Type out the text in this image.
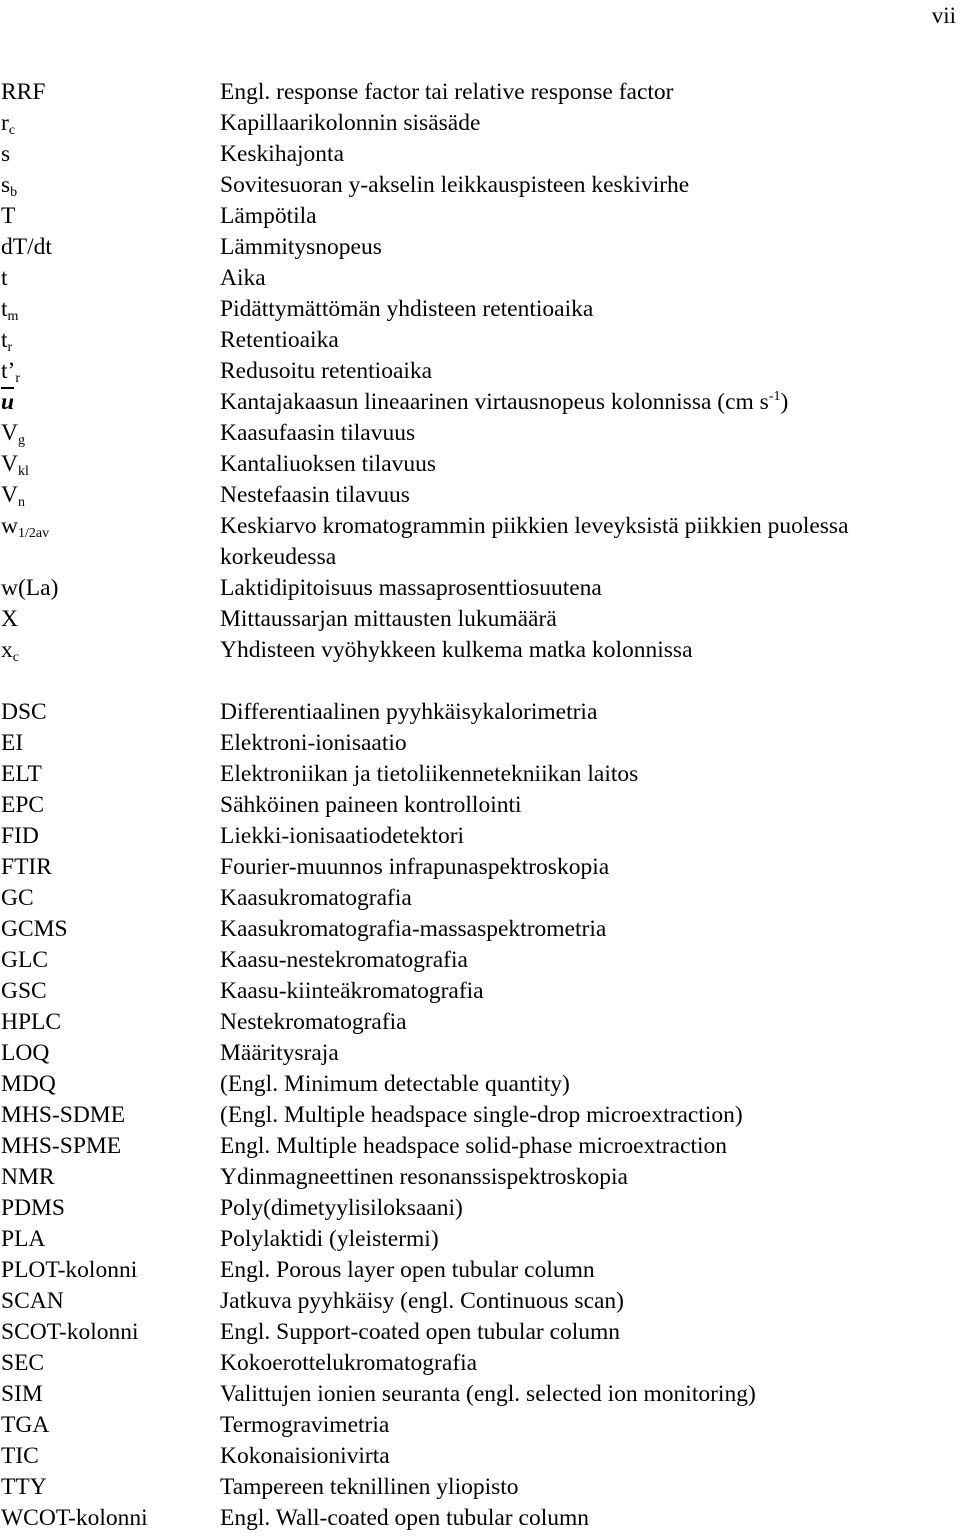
vii
RRF	Engl. response factor tai relative response factor
$r_c$	Kapillaarikolonnin sisäsäde
s	Keskihajonta
$s_b$	Sovitesuoran y-akselin leikkauspisteen keskivirhe
T	Lämpötila
dT/dt	Lämmitysnopeus
t	Aika
$t_m$	Pidättymättömän yhdisteen retentioaika
$t_r$	Retentioaika
$t’_r$	Redusoitu retentioaika
$\overline{u}$	Kantajakaasun lineaarinen virtausnopeus kolonnissa (cm $s^{-1}$)
$V_g$	Kaasufaasin tilavuus
$V_{kl}$	Kantaliuoksen tilavuus
$V_n$	Nestefaasin tilavuus
$w_{1/2av}$	Keskiarvo kromatogrammin piikkien leveyksistä piikkien puolessa korkeudessa
w(La)	Laktidipitoisuus massaprosenttiosuutena
X	Mittaussarjan mittausten lukumäärä
$x_c$	Yhdisteen vyöhykkeen kulkema matka kolonnissa
DSC	Differentiaalinen pyyhkäisykalorimetria
EI	Elektroni-ionisaatio
ELT	Elektroniikan ja tietoliikennetekniikan laitos
EPC	Sähköinen paineen kontrollointi
FID	Liekki-ionisaatiodetektori
FTIR	Fourier-muunnos infrapunaspektroskopia
GC	Kaasukromatografia
GCMS	Kaasukromatografia-massaspektrometria
GLC	Kaasu-nestekromatografia
GSC	Kaasu-kiinteäkromatografia
HPLC	Nestekromatografia
LOQ	Määritysraja
MDQ	(Engl. Minimum detectable quantity)
MHS-SDME	(Engl. Multiple headspace single-drop microextraction)
MHS-SPME	Engl. Multiple headspace solid-phase microextraction
NMR	Ydinmagneettinen resonanssispektroskopia
PDMS	Poly(dimetyylisiloksaani)
PLA	Polylaktidi (yleistermi)
PLOT-kolonni	Engl. Porous layer open tubular column
SCAN	Jatkuva pyyhkäisy (engl. Continuous scan)
SCOT-kolonni	Engl. Support-coated open tubular column
SEC	Kokoerottelukromatografia
SIM	Valittujen ionien seuranta (engl. selected ion monitoring)
TGA	Termogravimetria
TIC	Kokonaisionivirta
TTY	Tampereen teknillinen yliopisto
WCOT-kolonni	Engl. Wall-coated open tubular column
